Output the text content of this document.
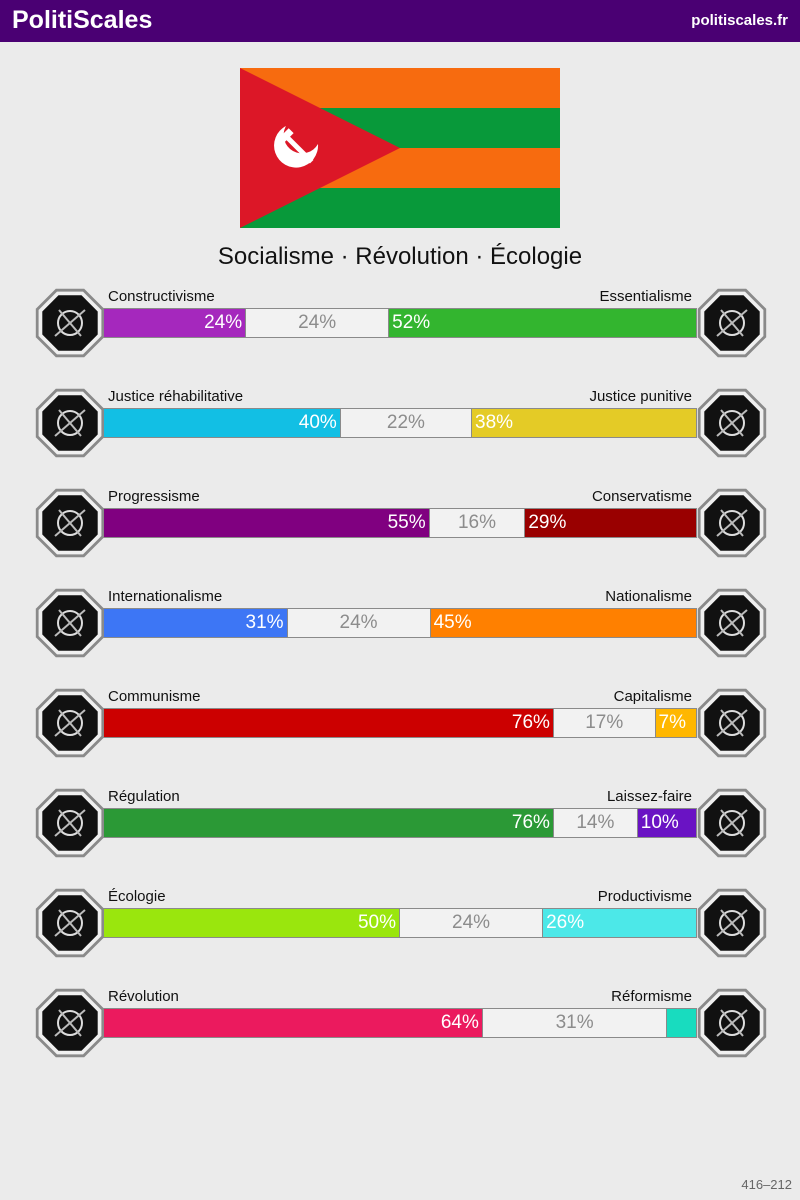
PolitiScales	politiscales.fr
Socialisme · Révolution · Écologie
Constructivisme	Essentialisme
24%	24%	52%
Justice réhabilitative	Justice punitive
40%	22%	38%
Progressisme	Conservatisme
55% 16% 29%
Internationalisme	Nationalisme
31%	24%	45%
Communisme	Capitalisme
76% 17% 7%
Régulation	Laissez-faire
76% 14% 10%
Écologie	Productivisme
50%	24%	26%
Révolution	Réformisme
64%	31%
416–212
